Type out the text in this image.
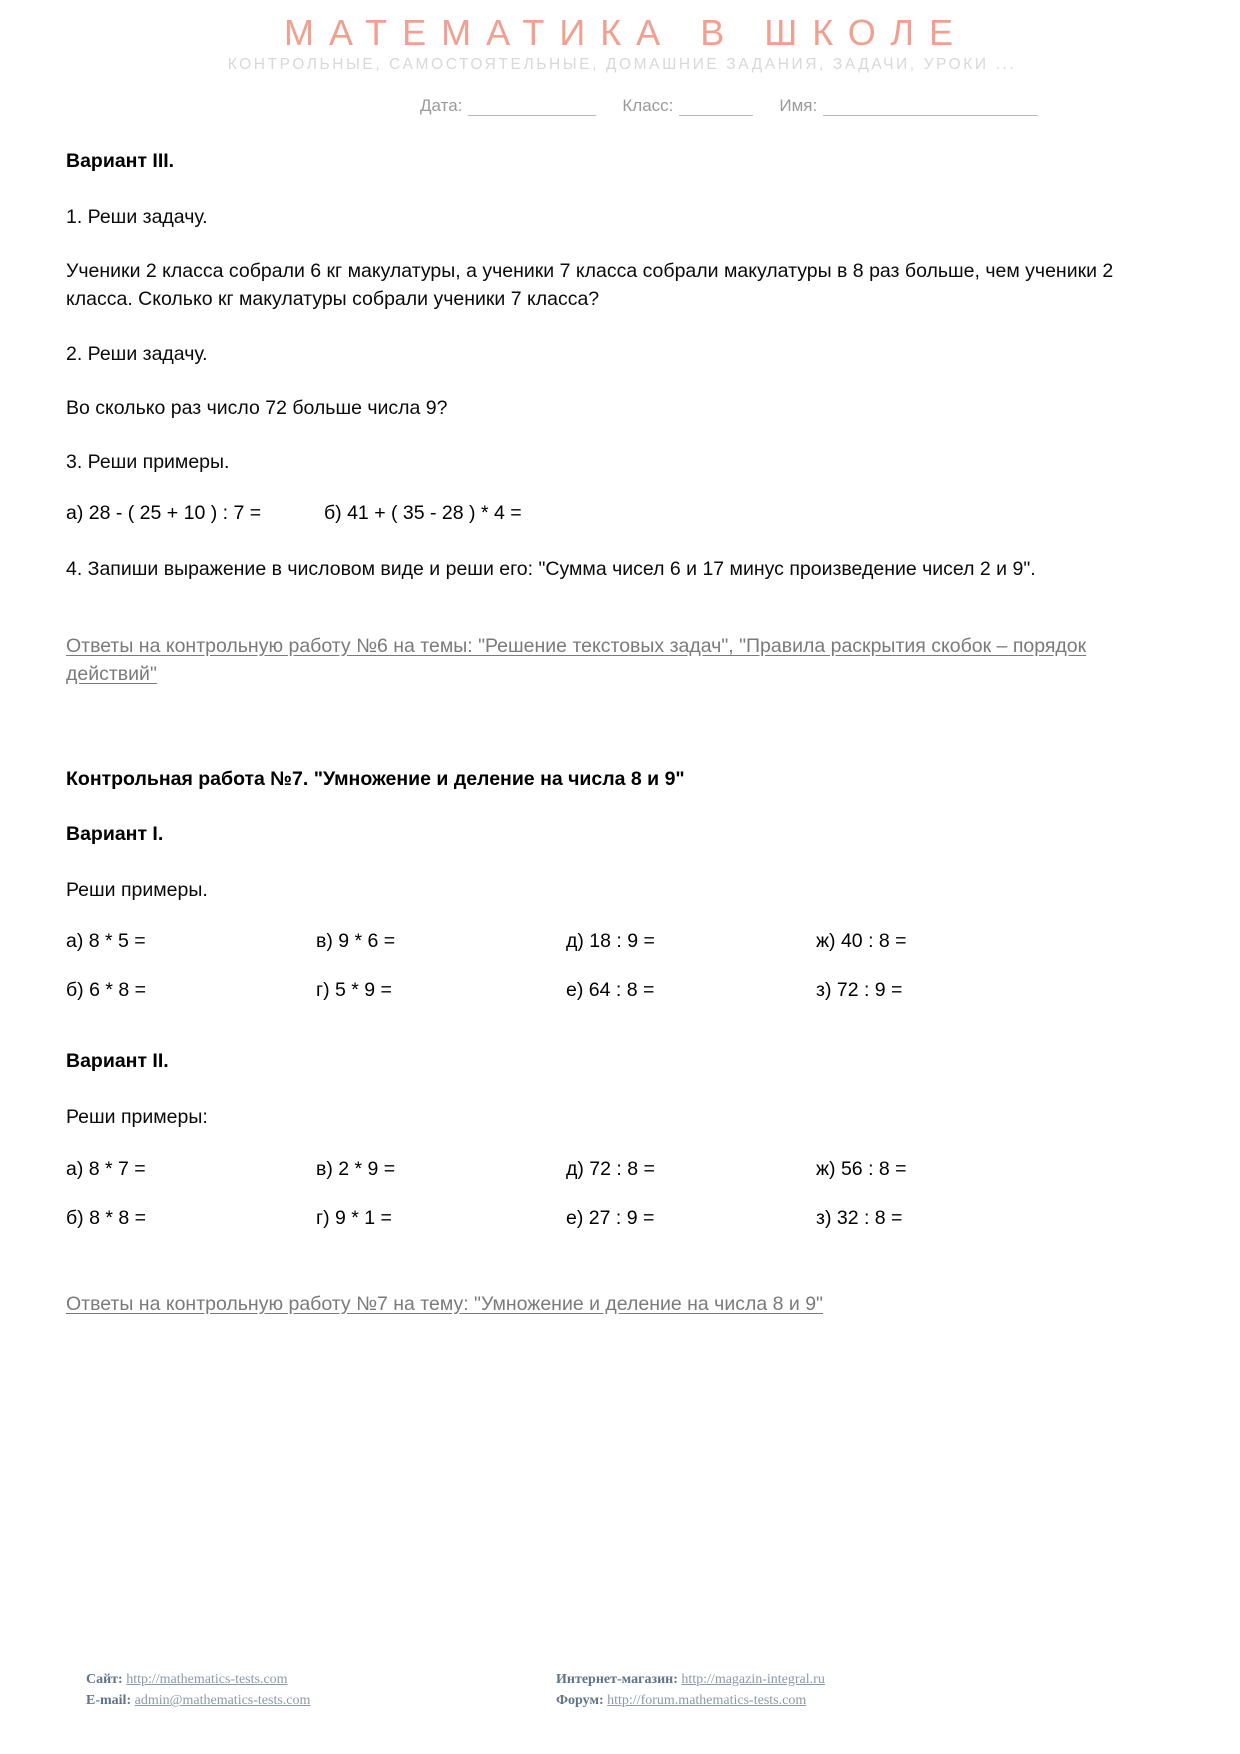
МАТЕМАТИКА В ШКОЛЕ
КОНТРОЛЬНЫЕ, САМОСТОЯТЕЛЬНЫЕ, ДОМАШНИЕ ЗАДАНИЯ, ЗАДАЧИ, УРОКИ ...
Дата:	Класс:	Имя:
Вариант III.

1. Реши задачу.

Ученики 2 класса собрали 6 кг макулатуры, а ученики 7 класса собрали макулатуры в 8 раз больше, чем ученики 2 класса. Сколько кг макулатуры собрали ученики 7 класса?

2. Реши задачу.

Во сколько раз число 72 больше числа 9?

3. Реши примеры.

а) 28 - ( 25 + 10 ) : 7 =	б) 41 + ( 35 - 28 ) * 4 =

4. Запиши выражение в числовом виде и реши его: "Сумма чисел 6 и 17 минус произведение чисел 2 и 9".

Ответы на контрольную работу №6 на темы: "Решение текстовых задач", "Правила раскрытия скобок – порядок действий"
Контрольная работа №7. "Умножение и деление на числа 8 и 9"
Вариант I.

Реши примеры.

а) 8 * 5 =	в) 9 * 6 =	д) 18 : 9 =	ж) 40 : 8 =
б) 6 * 8 =	г) 5 * 9 =	е) 64 : 8 =	з) 72 : 9 =
Вариант II.

Реши примеры:

а) 8 * 7 =	в) 2 * 9 =	д) 72 : 8 =	ж) 56 : 8 =
б) 8 * 8 =	г) 9 * 1 =	е) 27 : 9 =	з) 32 : 8 =
Ответы на контрольную работу №7 на тему: "Умножение и деление на числа 8 и 9"
Сайт: http://mathematics-tests.com
E-mail: admin@mathematics-tests.com
Интернет-магазин: http://magazin-integral.ru
Форум: http://forum.mathematics-tests.com
